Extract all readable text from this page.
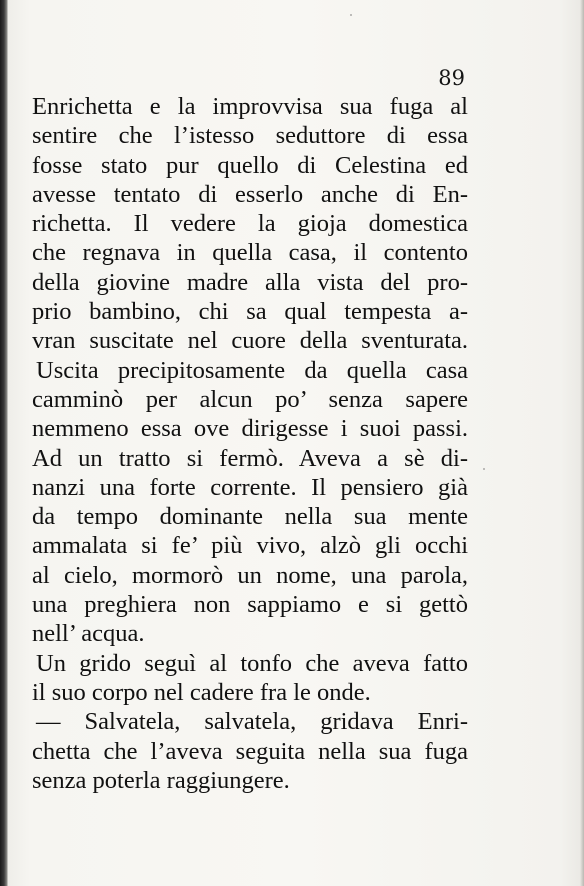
89
Enrichetta e la improvvisa sua fuga al
sentire che l’istesso seduttore di essa
fosse stato pur quello di Celestina ed
avesse tentato di esserlo anche di En-
richetta. Il vedere la gioja domestica
che regnava in quella casa, il contento
della giovine madre alla vista del pro-
prio bambino, chi sa qual tempesta a-
vran suscitate nel cuore della sventurata.
Uscita precipitosamente da quella casa
camminò per alcun po’ senza sapere
nemmeno essa ove dirigesse i suoi passi.
Ad un tratto si fermò. Aveva a sè di-
nanzi una forte corrente. Il pensiero già
da tempo dominante nella sua mente
ammalata si fe’ più vivo, alzò gli occhi
al cielo, mormorò un nome, una parola,
una preghiera non sappiamo e si gettò
nell’ acqua.
Un grido seguì al tonfo che aveva fatto
il suo corpo nel cadere fra le onde.
— Salvatela, salvatela, gridava Enri-
chetta che l’aveva seguita nella sua fuga
senza poterla raggiungere.
